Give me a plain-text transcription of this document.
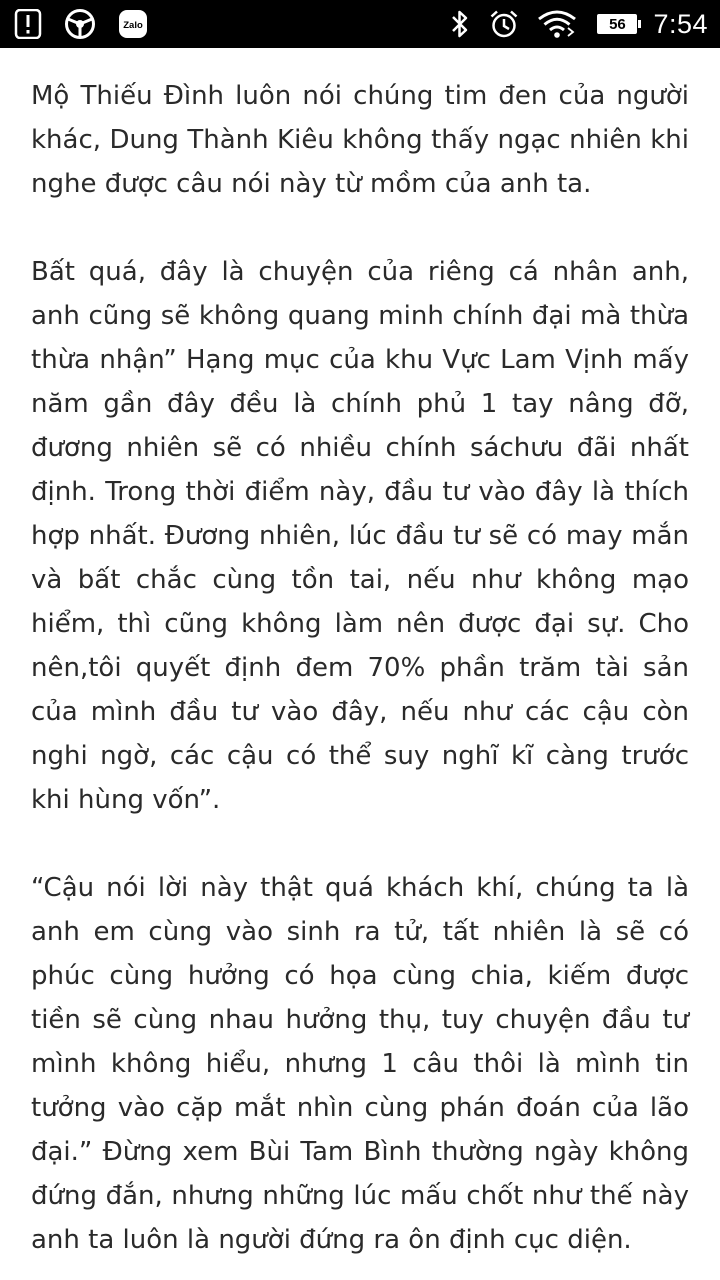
Zalo	56	7:54

Mộ Thiếu Đình luôn nói chúng tim đen của người khác, Dung Thành Kiêu không thấy ngạc nhiên khi nghe được câu nói này từ mồm của anh ta.

Bất quá, đây là chuyện của riêng cá nhân anh, anh cũng sẽ không quang minh chính đại mà thừa thừa nhận” Hạng mục của khu Vực Lam Vịnh mấy năm gần đây đều là chính phủ 1 tay nâng đỡ, đương nhiên sẽ có nhiều chính sáchưu đãi nhất định. Trong thời điểm này, đầu tư vào đây là thích hợp nhất. Đương nhiên, lúc đầu tư sẽ có may mắn và bất chắc cùng tồn tai, nếu như không mạo hiểm, thì cũng không làm nên được đại sự. Cho nên,tôi quyết định đem 70% phần trăm tài sản của mình đầu tư vào đây, nếu như các cậu còn nghi ngờ, các cậu có thể suy nghĩ kĩ càng trước khi hùng vốn”.

“Cậu nói lời này thật quá khách khí, chúng ta là anh em cùng vào sinh ra tử, tất nhiên là sẽ có phúc cùng hưởng có họa cùng chia, kiếm được tiền sẽ cùng nhau hưởng thụ, tuy chuyện đầu tư mình không hiểu, nhưng 1 câu thôi là mình tin tưởng vào cặp mắt nhìn cùng phán đoán của lão đại.” Đừng xem Bùi Tam Bình thường ngày không đứng đắn, nhưng những lúc mấu chốt như thế này anh ta luôn là người đứng ra ôn định cục diện.
